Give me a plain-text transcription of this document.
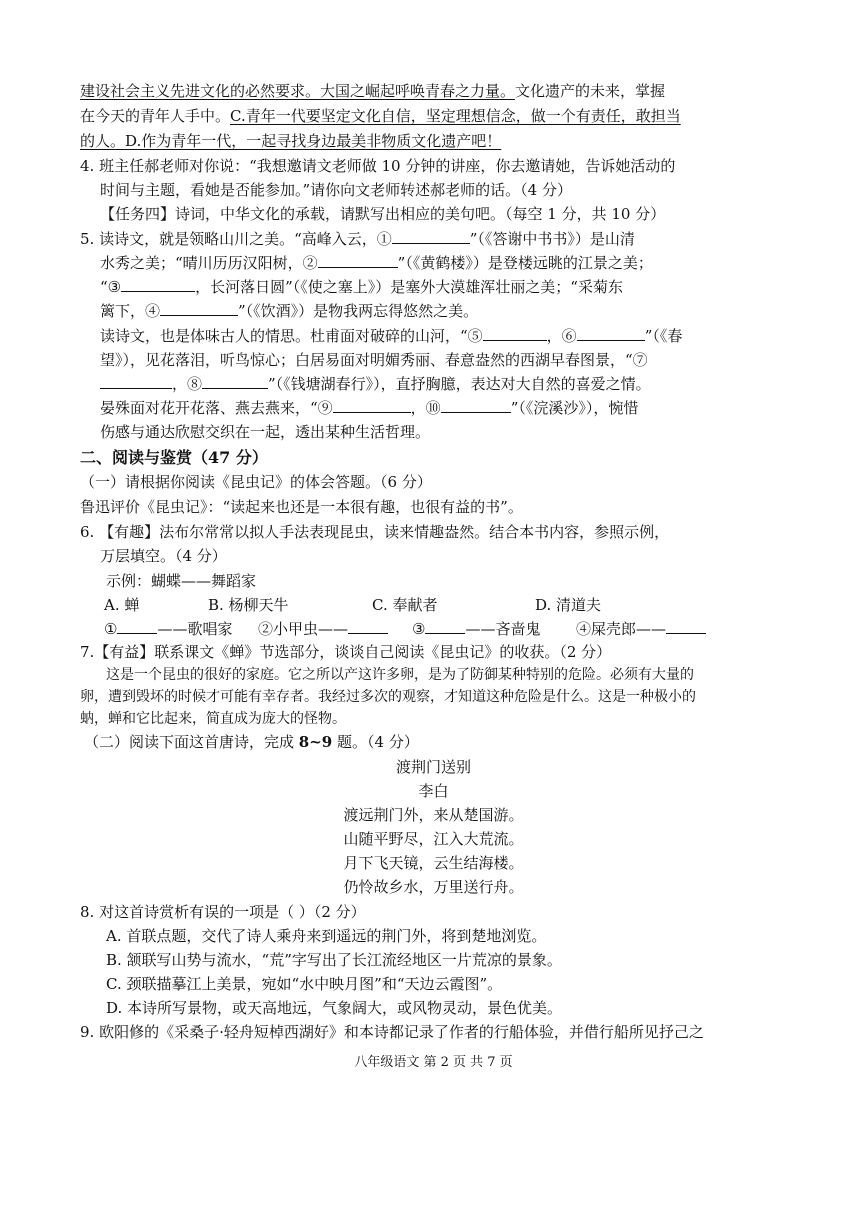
建设社会主义先进文化的必然要求。大国之崛起呼唤青春之力量。文化遗产的未来，掌握
在今天的青年人手中。C.青年一代要坚定文化自信，坚定理想信念，做一个有责任，敢担当
的人。D.作为青年一代，一起寻找身边最美非物质文化遗产吧！
4. 班主任郝老师对你说：“我想邀请文老师做 10 分钟的讲座，你去邀请她，告诉她活动的
时间与主题，看她是否能参加。”请你向文老师转述郝老师的话。（4 分）
【任务四】诗词，中华文化的承载，请默写出相应的美句吧。（每空 1 分，共 10 分）
5. 读诗文，就是领略山川之美。“高峰入云，①	”（《答谢中书书》）是山清
水秀之美；“晴川历历汉阳树，②	”（《黄鹤楼》）是登楼远眺的江景之美；
“③	，长河落日圆”（《使之塞上》）是塞外大漠雄浑壮丽之美；“采菊东
篱下，④	”（《饮酒》）是物我两忘得悠然之美。
读诗文，也是体味古人的情思。杜甫面对破碎的山河，“⑤	，⑥	”（《春
望》），见花落泪，听鸟惊心；白居易面对明媚秀丽、春意盎然的西湖早春图景，“⑦
，⑧	”（《钱塘湖春行》），直抒胸臆，表达对大自然的喜爱之情。
晏殊面对花开花落、燕去燕来，“⑨	，⑩	”（《浣溪沙》），惋惜
伤感与通达欣慰交织在一起，透出某种生活哲理。
二、阅读与鉴赏（47 分）
（一）请根据你阅读《昆虫记》的体会答题。（6 分）
鲁迅评价《昆虫记》：“读起来也还是一本很有趣，也很有益的书”。
6. 【有趣】法布尔常常以拟人手法表现昆虫，读来情趣盎然。结合本书内容，参照示例，
万层填空。（4 分）
示例：蝴蝶——舞蹈家
A. 蝉	B. 杨柳天牛	C. 奉献者	D. 清道夫
①	——歌唱家 ②小甲虫——	③	——吝啬鬼 ④屎壳郎——
7.【有益】联系课文《蝉》节选部分，谈谈自己阅读《昆虫记》的收获。（2 分）
这是一个昆虫的很好的家庭。它之所以产这许多卵，是为了防御某种特别的危险。必须有大量的
卵，遭到毁坏的时候才可能有幸存者。我经过多次的观察，才知道这种危险是什么。这是一种极小的
蚋，蝉和它比起来，简直成为庞大的怪物。
（二）阅读下面这首唐诗，完成 8~9 题。（4 分）
渡荆门送别
李白
渡远荆门外，来从楚国游。
山随平野尽，江入大荒流。
月下飞天镜，云生结海楼。
仍怜故乡水，万里送行舟。
8. 对这首诗赏析有误的一项是（ ）（2 分）
A. 首联点题，交代了诗人乘舟来到遥远的荆门外，将到楚地浏览。
B. 颔联写山势与流水，“荒”字写出了长江流经地区一片荒凉的景象。
C. 颈联描摹江上美景，宛如“水中映月图”和“天边云霞图”。
D. 本诗所写景物，或天高地远，气象阔大，或风物灵动，景色优美。
9. 欧阳修的《采桑子·轻舟短棹西湖好》和本诗都记录了作者的行船体验，并借行船所见抒己之
八年级语文 第 2 页 共 7 页
